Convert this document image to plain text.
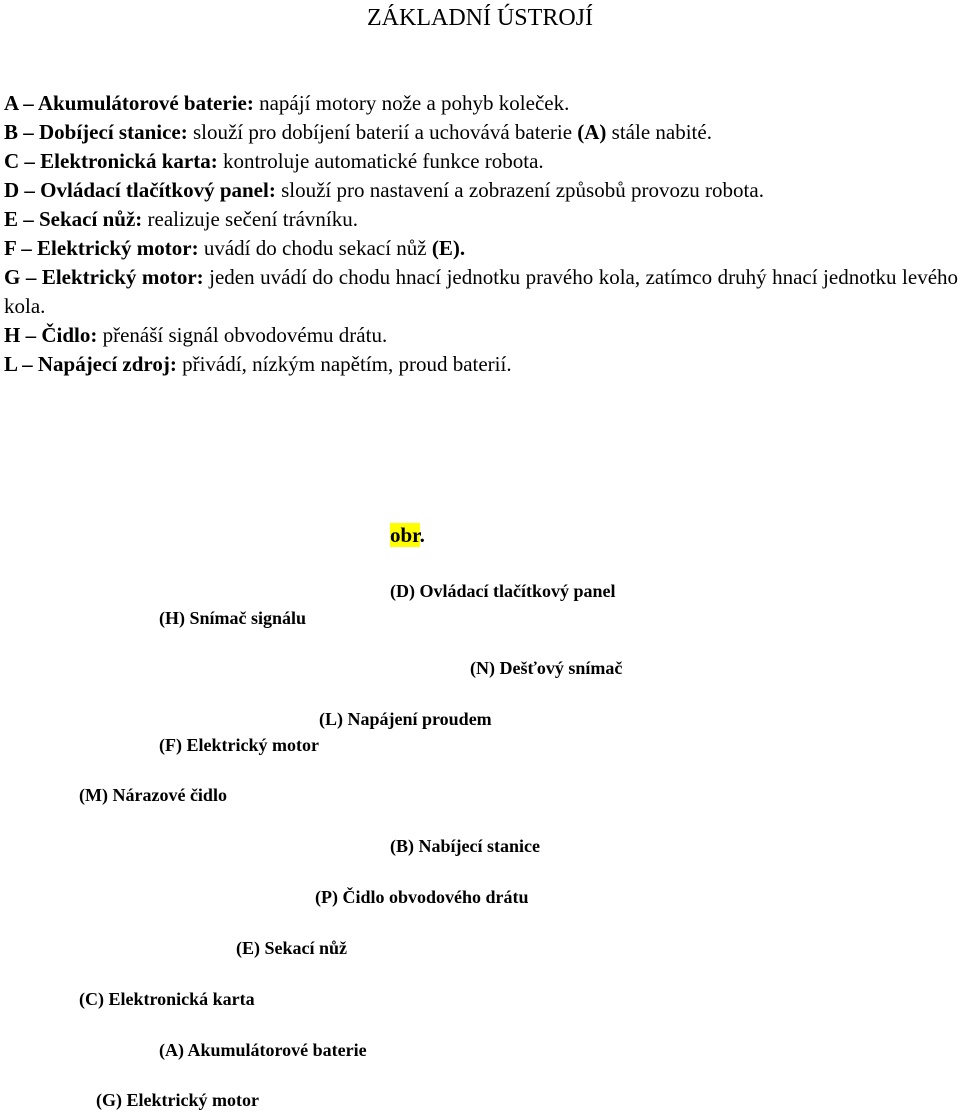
ZÁKLADNÍ ÚSTROJÍ
A – Akumulátorové baterie: napájí motory nože a pohyb koleček.
B – Dobíjecí stanice: slouží pro dobíjení baterií a uchovává baterie (A) stále nabité.
C – Elektronická karta: kontroluje automatické funkce robota.
D – Ovládací tlačítkový panel: slouží pro nastavení a zobrazení způsobů provozu robota.
E – Sekací nůž: realizuje sečení trávníku.
F – Elektrický motor: uvádí do chodu sekací nůž (E).
G – Elektrický motor: jeden uvádí do chodu hnací jednotku pravého kola, zatímco druhý hnací jednotku levého kola.
H – Čidlo: přenáší signál obvodovému drátu.
L – Napájecí zdroj: přivádí, nízkým napětím, proud baterií.
obr.
(H) Snímač signálu
(D) Ovládací tlačítkový panel
(N) Dešťový snímač
(L) Napájení proudem
(F) Elektrický motor
(M) Nárazové čidlo
(B) Nabíjecí stanice
(P) Čidlo obvodového drátu
(E) Sekací nůž
(C) Elektronická karta
(A) Akumulátorové baterie
(G) Elektrický motor
